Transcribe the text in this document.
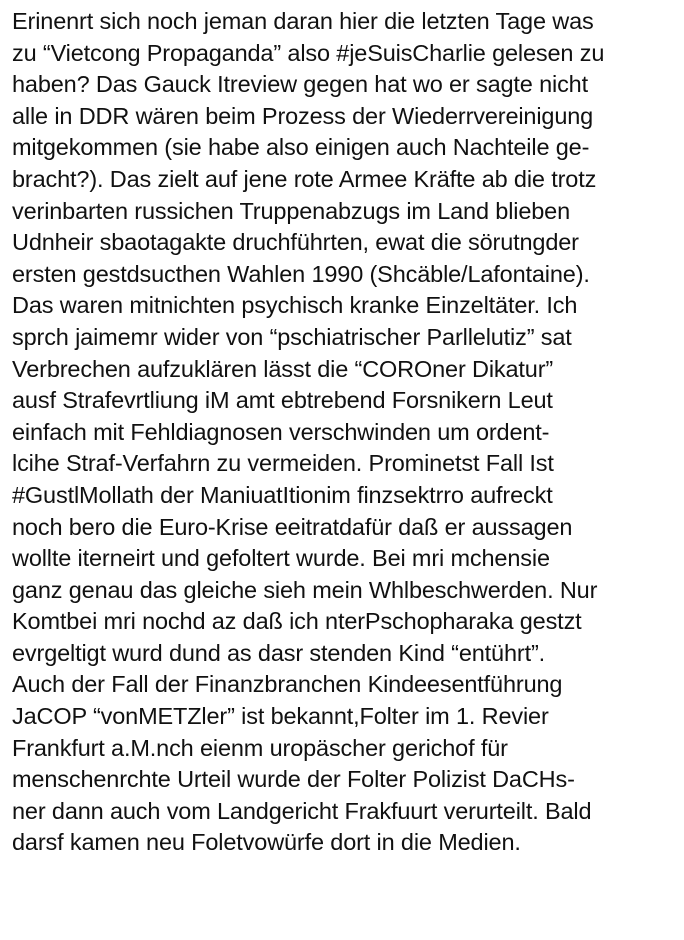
Erinenrt sich noch jeman daran hier die letzten Tage was
zu “Vietcong Propaganda” also #jeSuisCharlie gelesen zu
haben? Das Gauck Itreview gegen hat wo er sagte nicht
alle in DDR wären beim Prozess der Wiederrvereinigung
mitgekommen (sie habe also einigen auch Nachteile ge-
bracht?). Das zielt auf jene rote Armee Kräfte ab die trotz
verinbarten russichen Truppenabzugs im Land blieben
Udnheir sbaotagakte druchführten, ewat die sörutngder
ersten gestdsucthen Wahlen 1990 (Shcäble/Lafontaine).
Das waren mitnichten psychisch kranke Einzeltäter. Ich
sprch jaimemr wider von “pschiatrischer Parllelutiz” sat
Verbrechen aufzuklären lässt die “COROner Dikatur”
ausf Strafevrtliung iM amt ebtrebend Forsnikern Leut
einfach mit Fehldiagnosen verschwinden um ordent-
lcihe Straf-Verfahrn zu vermeiden. Prominetst Fall Ist
#GustlMollath der ManiuatItionim finzsektrro aufreckt
noch bero die Euro-Krise eeitratdafür daß er aussagen
wollte iterneirt und gefoltert wurde. Bei mri mchensie
ganz genau das gleiche sieh mein Whlbeschwerden. Nur
Komtbei mri nochd az daß ich nterPschopharaka gestzt
evrgeltigt wurd dund as dasr stenden Kind “entührt”.
Auch der Fall der Finanzbranchen Kindeesentführung
JaCOP “vonMETZler” ist bekannt,Folter im 1. Revier
Frankfurt a.M.nch eienm uropäscher gerichof für
menschenrchte Urteil wurde der Folter Polizist DaCHs-
ner dann auch vom Landgericht Frakfuurt verurteilt. Bald
darsf kamen neu Foletvowürfe dort in die Medien.
